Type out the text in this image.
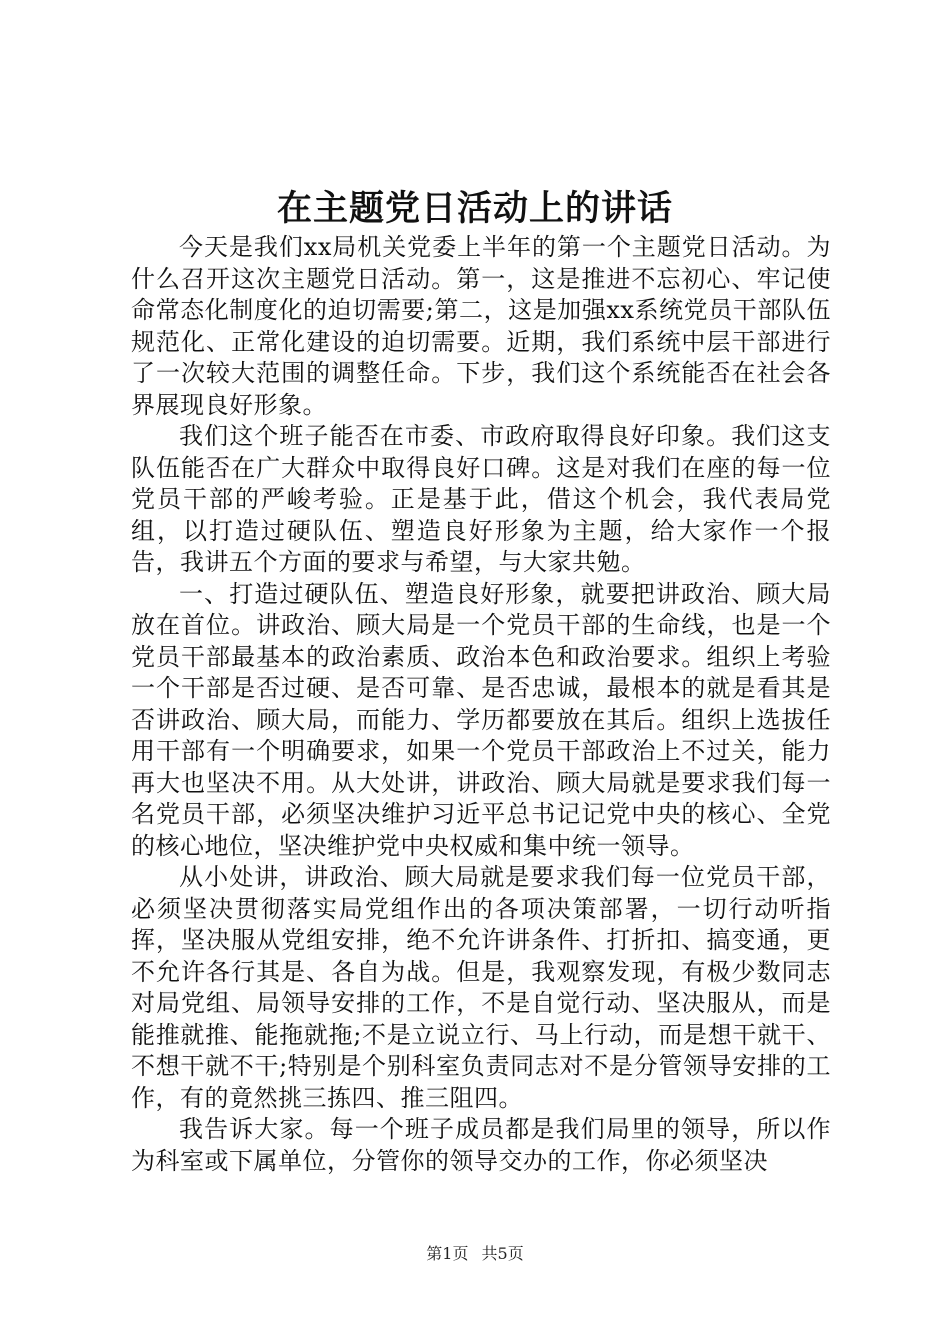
在主题党日活动上的讲话

今天是我们xx局机关党委上半年的第一个主题党日活动。为什么召开这次主题党日活动。第一，这是推进不忘初心、牢记使命常态化制度化的迫切需要;第二，这是加强xx系统党员干部队伍规范化、正常化建设的迫切需要。近期，我们系统中层干部进行了一次较大范围的调整任命。下步，我们这个系统能否在社会各界展现良好形象。

我们这个班子能否在市委、市政府取得良好印象。我们这支队伍能否在广大群众中取得良好口碑。这是对我们在座的每一位党员干部的严峻考验。正是基于此，借这个机会，我代表局党组，以打造过硬队伍、塑造良好形象为主题，给大家作一个报告，我讲五个方面的要求与希望，与大家共勉。

一、打造过硬队伍、塑造良好形象，就要把讲政治、顾大局放在首位。讲政治、顾大局是一个党员干部的生命线，也是一个党员干部最基本的政治素质、政治本色和政治要求。组织上考验一个干部是否过硬、是否可靠、是否忠诚，最根本的就是看其是否讲政治、顾大局，而能力、学历都要放在其后。组织上选拔任用干部有一个明确要求，如果一个党员干部政治上不过关，能力再大也坚决不用。从大处讲，讲政治、顾大局就是要求我们每一名党员干部，必须坚决维护习近平总书记记党中央的核心、全党的核心地位，坚决维护党中央权威和集中统一领导。

从小处讲，讲政治、顾大局就是要求我们每一位党员干部，必须坚决贯彻落实局党组作出的各项决策部署，一切行动听指挥，坚决服从党组安排，绝不允许讲条件、打折扣、搞变通，更不允许各行其是、各自为战。但是，我观察发现，有极少数同志对局党组、局领导安排的工作，不是自觉行动、坚决服从，而是能推就推、能拖就拖;不是立说立行、马上行动，而是想干就干、不想干就不干;特别是个别科室负责同志对不是分管领导安排的工作，有的竟然挑三拣四、推三阻四。

我告诉大家。每一个班子成员都是我们局里的领导，所以作为科室或下属单位，分管你的领导交办的工作，你必须坚决

第1页 共5页
